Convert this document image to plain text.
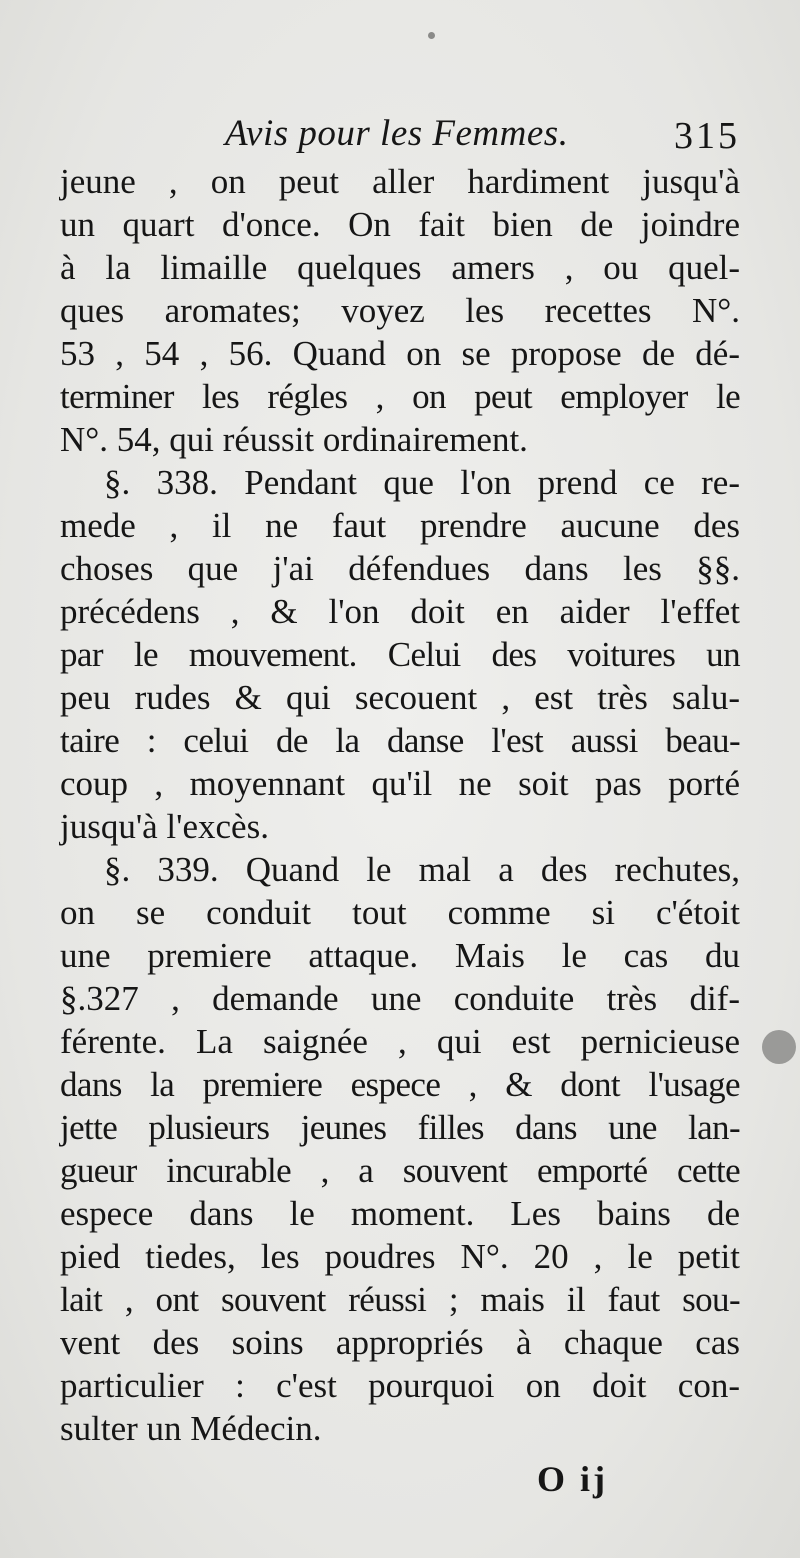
Avis pour les Femmes.	315
jeune , on peut aller hardiment jusqu'à
un quart d'once. On fait bien de joindre
à la limaille quelques amers , ou quel-
ques aromates; voyez les recettes N°.
53 , 54 , 56. Quand on se propose de dé-
terminer les régles , on peut employer le
N°. 54, qui réussit ordinairement.
§. 338. Pendant que l'on prend ce re-
mede , il ne faut prendre aucune des
choses que j'ai défendues dans les §§.
précédens , & l'on doit en aider l'effet
par le mouvement. Celui des voitures un
peu rudes & qui secouent , est très salu-
taire : celui de la danse l'est aussi beau-
coup , moyennant qu'il ne soit pas porté
jusqu'à l'excès.
§. 339. Quand le mal a des rechutes,
on se conduit tout comme si c'étoit
une premiere attaque. Mais le cas du
§.327 , demande une conduite très dif-
férente. La saignée , qui est pernicieuse
dans la premiere espece , & dont l'usage
jette plusieurs jeunes filles dans une lan-
gueur incurable , a souvent emporté cette
espece dans le moment. Les bains de
pied tiedes, les poudres N°. 20 , le petit
lait , ont souvent réussi ; mais il faut sou-
vent des soins appropriés à chaque cas
particulier : c'est pourquoi on doit con-
sulter un Médecin.
O ij
